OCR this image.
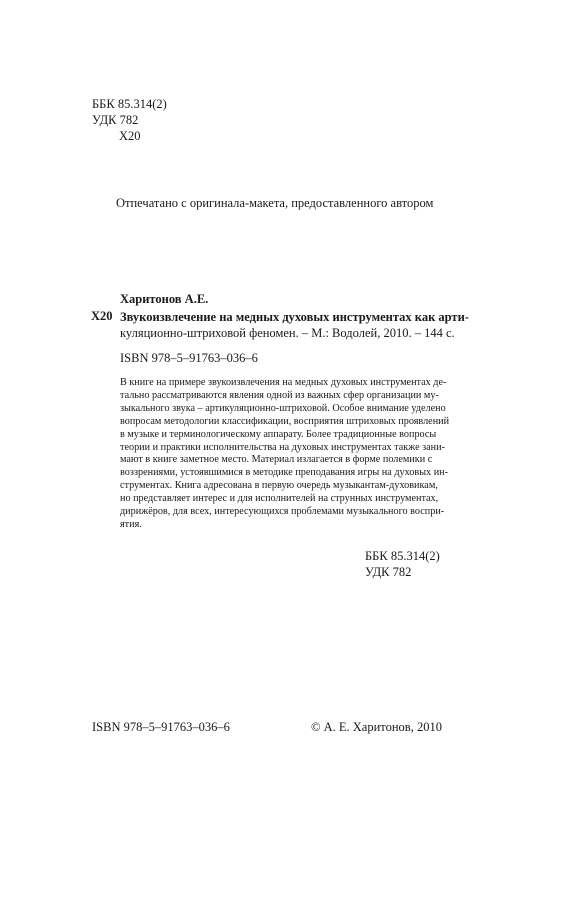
ББК 85.314(2)
УДК 782
Х20
Отпечатано с оригинала-макета, предоставленного автором
Харитонов А.Е.
Х20 Звукоизвлечение на медных духовых инструментах как арти-
куляционно-штриховой феномен. – М.: Водолей, 2010. – 144 с.
ISBN 978–5–91763–036–6
В книге на примере звукоизвлечения на медных духовых инструментах де-
тально рассматриваются явления одной из важных сфер организации му-
зыкального звука – артикуляционно-штриховой. Особое внимание уделено
вопросам методологии классификации, восприятия штриховых проявлений
в музыке и терминологическому аппарату. Более традиционные вопросы
теории и практики исполнительства на духовых инструментах также зани-
мают в книге заметное место. Материал излагается в форме полемики с
воззрениями, устоявшимися в методике преподавания игры на духовых ин-
струментах. Книга адресована в первую очередь музыкантам-духовикам,
но представляет интерес и для исполнителей на струнных инструментах,
дирижёров, для всех, интересующихся проблемами музыкального воспри-
ятия.
ББК 85.314(2)
УДК 782
ISBN 978–5–91763–036–6	© А. Е. Харитонов, 2010
